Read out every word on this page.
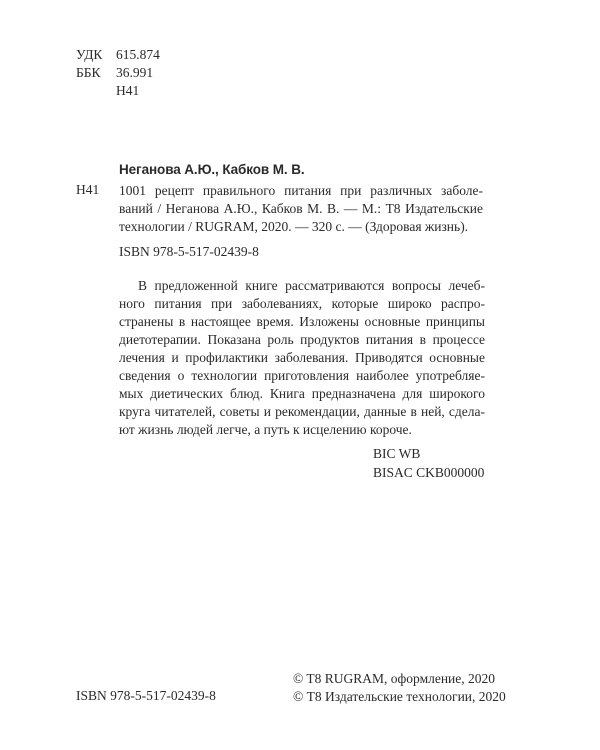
УДК	615.874
ББК	36.991
Н41
Неганова А.Ю., Кабков М. В.
Н41 1001 рецепт правильного питания при различных заболе-
ваний / Неганова А.Ю., Кабков М. В. — М.: Т8 Издательские
технологии / RUGRAM, 2020. — 320 с. — (Здоровая жизнь).
ISBN 978-5-517-02439-8
В предложенной книге рассматриваются вопросы лечеб-
ного питания при заболеваниях, которые широко распро-
странены в настоящее время. Изложены основные принципы
диетотерапии. Показана роль продуктов питания в процессе
лечения и профилактики заболевания. Приводятся основные
сведения о технологии приготовления наиболее употребляе-
мых диетических блюд. Книга предназначена для широкого
круга читателей, советы и рекомендации, данные в ней, сдела-
ют жизнь людей легче, а путь к исцелению короче.
BIC WB
BISAC CKB000000
ISBN 978-5-517-02439-8
© T8 RUGRAM, оформление, 2020
© Т8 Издательские технологии, 2020
